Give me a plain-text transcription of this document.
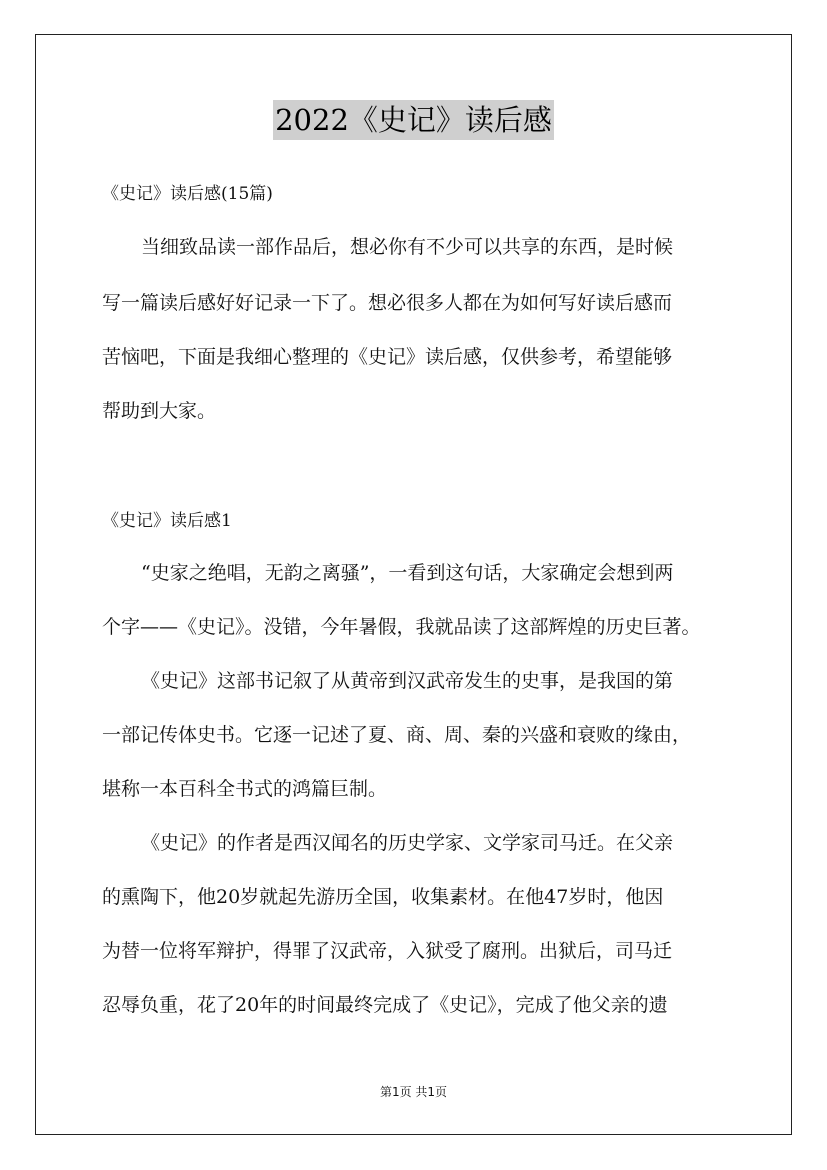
2022《史记》读后感
《史记》读后感(15篇)
当细致品读一部作品后，想必你有不少可以共享的东西，是时候
写一篇读后感好好记录一下了。想必很多人都在为如何写好读后感而
苦恼吧，下面是我细心整理的《史记》读后感，仅供参考，希望能够
帮助到大家。
《史记》读后感1
“史家之绝唱，无韵之离骚”，一看到这句话，大家确定会想到两
个字——《史记》。没错，今年暑假，我就品读了这部辉煌的历史巨著。
《史记》这部书记叙了从黄帝到汉武帝发生的史事，是我国的第
一部记传体史书。它逐一记述了夏、商、周、秦的兴盛和衰败的缘由，
堪称一本百科全书式的鸿篇巨制。
《史记》的作者是西汉闻名的历史学家、文学家司马迁。在父亲
的熏陶下，他20岁就起先游历全国，收集素材。在他47岁时，他因
为替一位将军辩护，得罪了汉武帝，入狱受了腐刑。出狱后，司马迁
忍辱负重，花了20年的时间最终完成了《史记》，完成了他父亲的遗
第1页 共1页
